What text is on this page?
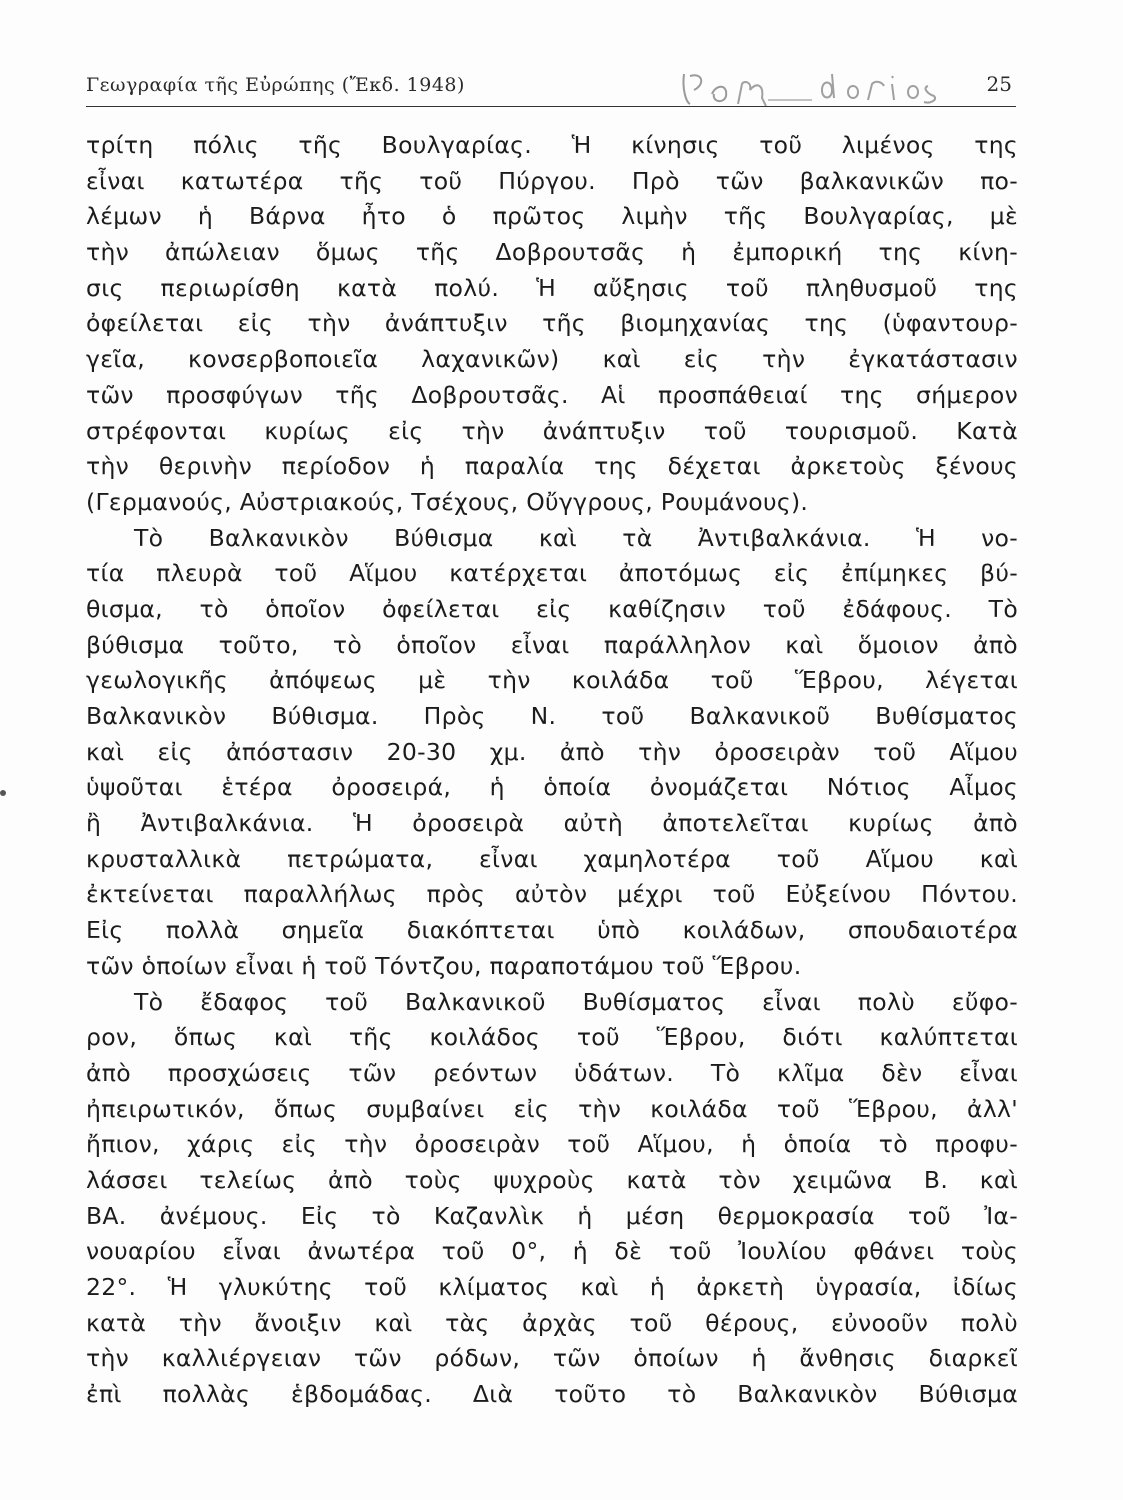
Γεωγραφία τῆς Εὐρώπης (Ἔκδ. 1948)	25
τρίτη πόλις τῆς Βουλγαρίας. Ἡ κίνησις τοῦ λιμένος της
εἶναι κατωτέρα τῆς τοῦ Πύργου. Πρὸ τῶν βαλκανικῶν πο-
λέμων ἡ Βάρνα ἦτο ὁ πρῶτος λιμὴν τῆς Βουλγαρίας, μὲ
τὴν ἀπώλειαν ὅμως τῆς Δοβρουτσᾶς ἡ ἐμπορική της κίνη-
σις περιωρίσθη κατὰ πολύ. Ἡ αὔξησις τοῦ πληθυσμοῦ της
ὀφείλεται εἰς τὴν ἀνάπτυξιν τῆς βιομηχανίας της (ὑφαντουρ-
γεῖα, κονσερβοποιεῖα λαχανικῶν) καὶ εἰς τὴν ἐγκατάστασιν
τῶν προσφύγων τῆς Δοβρουτσᾶς. Αἱ προσπάθειαί της σήμερον
στρέφονται κυρίως εἰς τὴν ἀνάπτυξιν τοῦ τουρισμοῦ. Κατὰ
τὴν θερινὴν περίοδον ἡ παραλία της δέχεται ἀρκετοὺς ξένους
(Γερμανούς, Αὐστριακούς, Τσέχους, Οὔγγρους, Ρουμάνους).
Τὸ Βαλκανικὸν Βύθισμα καὶ τὰ Ἀντιβαλκάνια. Ἡ νο-
τία πλευρὰ τοῦ Αἵμου κατέρχεται ἀποτόμως εἰς ἐπίμηκες βύ-
θισμα, τὸ ὁποῖον ὀφείλεται εἰς καθίζησιν τοῦ ἐδάφους. Τὸ
βύθισμα τοῦτο, τὸ ὁποῖον εἶναι παράλληλον καὶ ὅμοιον ἀπὸ
γεωλογικῆς ἀπόψεως μὲ τὴν κοιλάδα τοῦ Ἕβρου, λέγεται
Βαλκανικὸν Βύθισμα. Πρὸς Ν. τοῦ Βαλκανικοῦ Βυθίσματος
καὶ εἰς ἀπόστασιν 20-30 χμ. ἀπὸ τὴν ὀροσειρὰν τοῦ Αἵμου
ὑψοῦται ἑτέρα ὀροσειρά, ἡ ὁποία ὀνομάζεται Νότιος Αἶμος
ἢ Ἀντιβαλκάνια. Ἡ ὀροσειρὰ αὐτὴ ἀποτελεῖται κυρίως ἀπὸ
κρυσταλλικὰ πετρώματα, εἶναι χαμηλοτέρα τοῦ Αἵμου καὶ
ἐκτείνεται παραλλήλως πρὸς αὐτὸν μέχρι τοῦ Εὐξείνου Πόντου.
Εἰς πολλὰ σημεῖα διακόπτεται ὑπὸ κοιλάδων, σπουδαιοτέρα
τῶν ὁποίων εἶναι ἡ τοῦ Τόντζου, παραποτάμου τοῦ Ἕβρου.
Τὸ ἔδαφος τοῦ Βαλκανικοῦ Βυθίσματος εἶναι πολὺ εὔφο-
ρον, ὅπως καὶ τῆς κοιλάδος τοῦ Ἕβρου, διότι καλύπτεται
ἀπὸ προσχώσεις τῶν ρεόντων ὑδάτων. Τὸ κλῖμα δὲν εἶναι
ἠπειρωτικόν, ὅπως συμβαίνει εἰς τὴν κοιλάδα τοῦ Ἕβρου, ἀλλ'
ἤπιον, χάρις εἰς τὴν ὀροσειρὰν τοῦ Αἵμου, ἡ ὁποία τὸ προφυ-
λάσσει τελείως ἀπὸ τοὺς ψυχροὺς κατὰ τὸν χειμῶνα Β. καὶ
ΒΑ. ἀνέμους. Εἰς τὸ Καζανλὶκ ἡ μέση θερμοκρασία τοῦ Ἰα-
νουαρίου εἶναι ἀνωτέρα τοῦ 0°, ἡ δὲ τοῦ Ἰουλίου φθάνει τοὺς
22°. Ἡ γλυκύτης τοῦ κλίματος καὶ ἡ ἀρκετὴ ὑγρασία, ἰδίως
κατὰ τὴν ἄνοιξιν καὶ τὰς ἀρχὰς τοῦ θέρους, εὐνοοῦν πολὺ
τὴν καλλιέργειαν τῶν ρόδων, τῶν ὁποίων ἡ ἄνθησις διαρκεῖ
ἐπὶ πολλὰς ἑβδομάδας. Διὰ τοῦτο τὸ Βαλκανικὸν Βύθισμα
